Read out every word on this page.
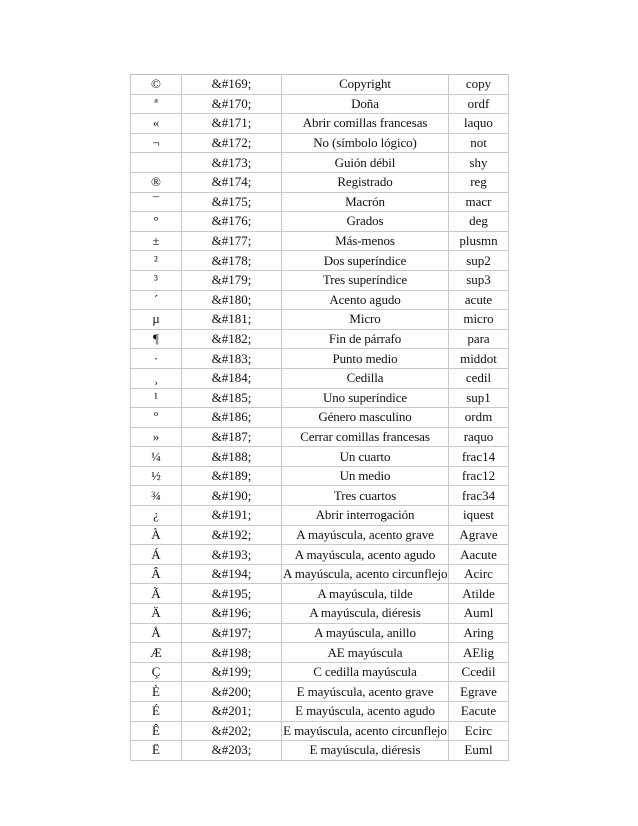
©	&#169;	Copyright	copy
ª	&#170;	Doña	ordf
«	&#171;	Abrir comillas francesas	laquo
¬	&#172;	No (símbolo lógico)	not
	&#173;	Guión débil	shy
®	&#174;	Registrado	reg
¯	&#175;	Macrón	macr
°	&#176;	Grados	deg
±	&#177;	Más-menos	plusmn
²	&#178;	Dos superíndice	sup2
³	&#179;	Tres superíndice	sup3
´	&#180;	Acento agudo	acute
µ	&#181;	Micro	micro
¶	&#182;	Fin de párrafo	para
·	&#183;	Punto medio	middot
¸	&#184;	Cedilla	cedil
¹	&#185;	Uno superíndice	sup1
º	&#186;	Género masculino	ordm
»	&#187;	Cerrar comillas francesas	raquo
¼	&#188;	Un cuarto	frac14
½	&#189;	Un medio	frac12
¾	&#190;	Tres cuartos	frac34
¿	&#191;	Abrir interrogación	iquest
À	&#192;	A mayúscula, acento grave	Agrave
Á	&#193;	A mayúscula, acento agudo	Aacute
Â	&#194;	A mayúscula, acento circunflejo	Acirc
Ã	&#195;	A mayúscula, tilde	Atilde
Ä	&#196;	A mayúscula, diéresis	Auml
Å	&#197;	A mayúscula, anillo	Aring
Æ	&#198;	AE mayúscula	AElig
Ç	&#199;	C cedilla mayúscula	Ccedil
È	&#200;	E mayúscula, acento grave	Egrave
É	&#201;	E mayúscula, acento agudo	Eacute
Ê	&#202;	E mayúscula, acento circunflejo	Ecirc
Ë	&#203;	E mayúscula, diéresis	Euml
